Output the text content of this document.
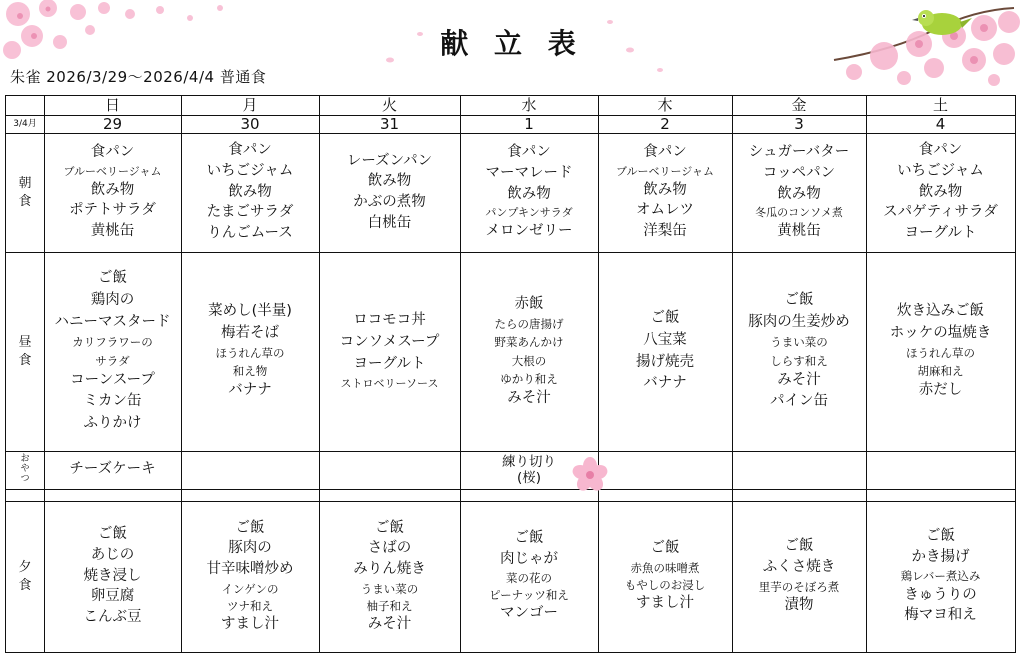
献 立 表
朱雀 2026/3/29〜2026/4/4 普通食
3/4月
日
29
月
30
火
31
水
1
木
2
金
3
土
4
朝
食
昼
食
お
や
つ
夕
食
食パン
ブルーベリージャム
飲み物
ポテトサラダ
黄桃缶
食パン
いちごジャム
飲み物
たまごサラダ
りんごムース
レーズンパン
飲み物
かぶの煮物
白桃缶
食パン
マーマレード
飲み物
パンプキンサラダ
メロンゼリー
食パン
ブルーベリージャム
飲み物
オムレツ
洋梨缶
シュガーバター
コッペパン
飲み物
冬瓜のコンソメ煮
黄桃缶
食パン
いちごジャム
飲み物
スパゲティサラダ
ヨーグルト
ご飯
鶏肉の
ハニーマスタード
カリフラワーの
サラダ
コーンスープ
ミカン缶
ふりかけ
菜めし(半量)
梅若そば
ほうれん草の
和え物
バナナ
ロコモコ丼
コンソメスープ
ヨーグルト
ストロベリーソース
赤飯
たらの唐揚げ
野菜あんかけ
大根の
ゆかり和え
みそ汁
ご飯
八宝菜
揚げ焼売
バナナ
ご飯
豚肉の生姜炒め
うまい菜の
しらす和え
みそ汁
パイン缶
炊き込みご飯
ホッケの塩焼き
ほうれん草の
胡麻和え
赤だし
ご飯
あじの
焼き浸し
卵豆腐
こんぶ豆
ご飯
豚肉の
甘辛味噌炒め
インゲンの
ツナ和え
すまし汁
ご飯
さばの
みりん焼き
うまい菜の
柚子和え
みそ汁
ご飯
肉じゃが
菜の花の
ピーナッツ和え
マンゴー
ご飯
赤魚の味噌煮
もやしのお浸し
すまし汁
ご飯
ふくさ焼き
里芋のそぼろ煮
漬物
ご飯
かき揚げ
鶏レバー煮込み
きゅうりの
梅マヨ和え
チーズケーキ	練り切り
(桜)
